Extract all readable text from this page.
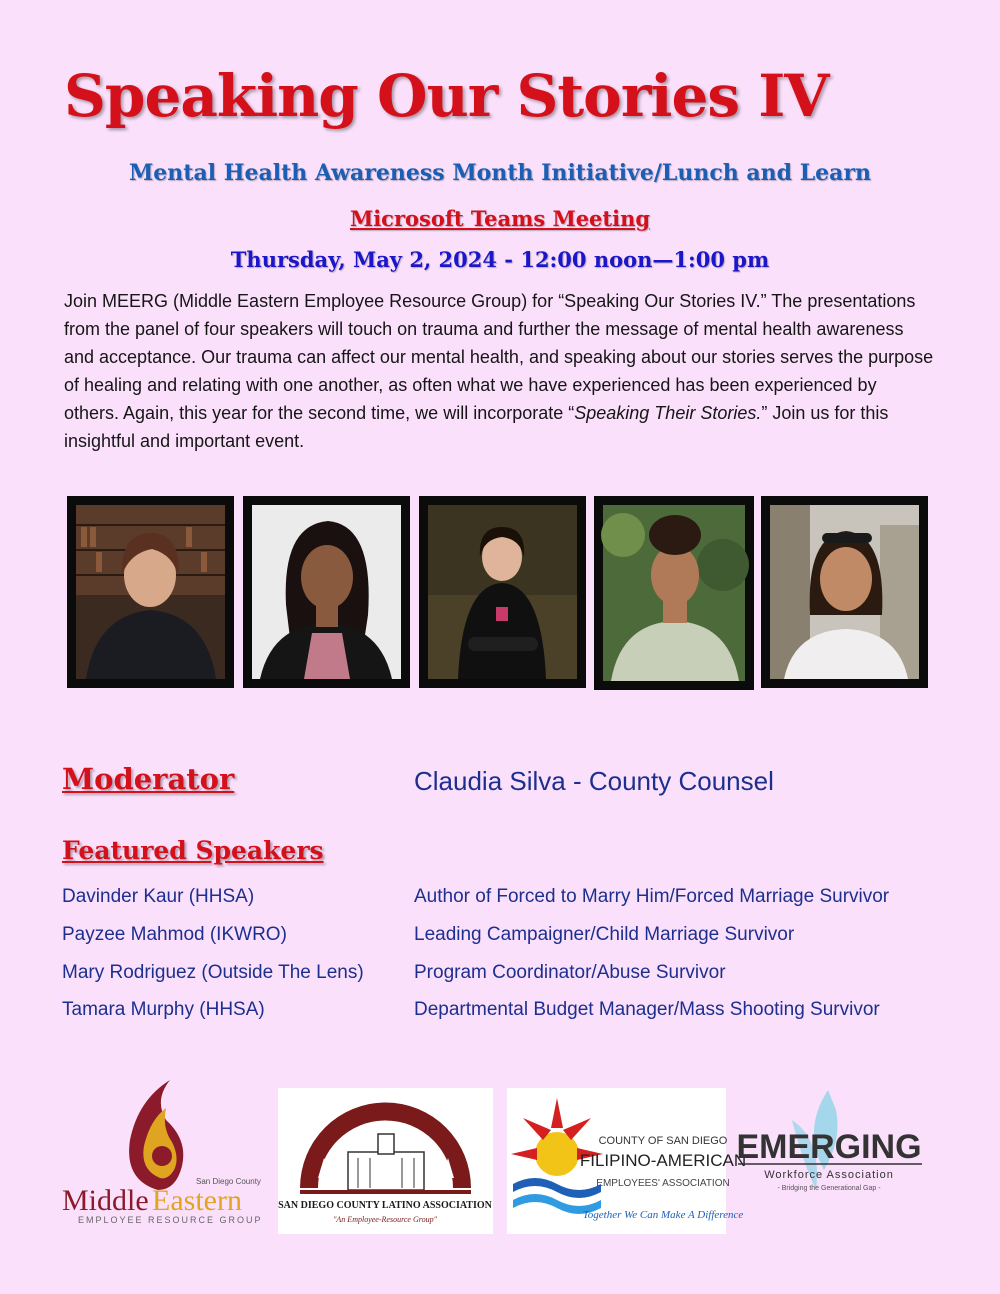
Speaking Our Stories IV
Mental Health Awareness Month Initiative/Lunch and Learn
Microsoft Teams Meeting
Thursday, May 2, 2024 - 12:00 noon—1:00 pm

Join MEERG (Middle Eastern Employee Resource Group) for “Speaking Our Stories IV.” The presentations from the panel of four speakers will touch on trauma and further the message of mental health awareness and acceptance. Our trauma can affect our mental health, and speaking about our stories serves the purpose of healing and relating with one another, as often what we have experienced has been experienced by others. Again, this year for the second time, we will incorporate “Speaking Their Stories.” Join us for this insightful and important event.

Moderator	Claudia Silva - County Counsel
Featured Speakers
Davinder Kaur (HHSA)	Author of Forced to Marry Him/Forced Marriage Survivor
Payzee Mahmod (IKWRO)	Leading Campaigner/Child Marriage Survivor
Mary Rodriguez (Outside The Lens)	Program Coordinator/Abuse Survivor
Tamara Murphy (HHSA)	Departmental Budget Manager/Mass Shooting Survivor
San Diego County
Middle Eastern
EMPLOYEE RESOURCE GROUP
SAN DIEGO COUNTY LATINO ASSOCIATION
"An Employee-Resource Group"
COUNTY OF SAN DIEGO
FILIPINO-AMERICAN
EMPLOYEES' ASSOCIATION
Together We Can Make A Difference
EMERGING
Workforce Association
- Bridging the Generational Gap -
